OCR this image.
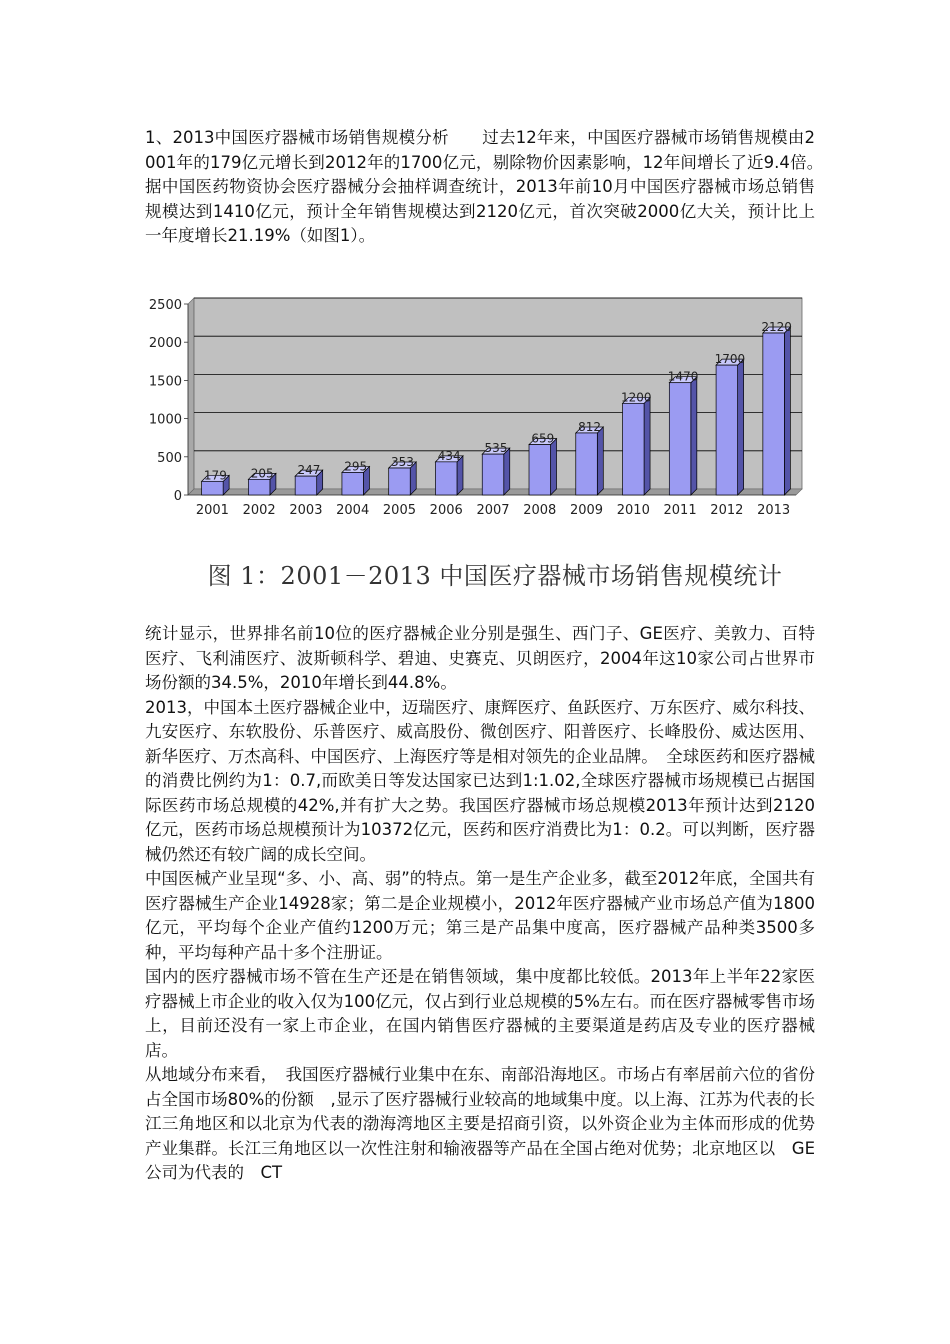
1、2013中国医疗器械市场销售规模分析　　过去12年来，中国医疗器械市场销售规模由2001年的179亿元增长到2012年的1700亿元，剔除物价因素影响，12年间增长了近9.4倍。　据中国医药物资协会医疗器械分会抽样调查统计，2013年前10月中国医疗器械市场总销售规模达到1410亿元，预计全年销售规模达到2120亿元，首次突破2000亿大关，预计比上一年度增长21.19%（如图1）。

0
500
1000
1500
2000
2500
179
2001
205
2002
247
2003
295
2004
353
2005
434
2006
535
2007
659
2008
812
2009
1200
2010
1470
2011
1700
2012
2120
2013
图 1：2001－2013 中国医疗器械市场销售规模统计

统计显示，世界排名前10位的医疗器械企业分别是强生、西门子、GE医疗、美敦力、百特医疗、飞利浦医疗、波斯顿科学、碧迪、史赛克、贝朗医疗，2004年这10家公司占世界市场份额的34.5%，2010年增长到44.8%。

2013，中国本土医疗器械企业中，迈瑞医疗、康辉医疗、鱼跃医疗、万东医疗、威尔科技、九安医疗、东软股份、乐普医疗、威高股份、微创医疗、阳普医疗、长峰股份、威达医用、新华医疗、万杰高科、中国医疗、上海医疗等是相对领先的企业品牌。　全球医药和医疗器械的消费比例约为1：0.7,而欧美日等发达国家已达到1:1.02,全球医疗器械市场规模已占据国际医药市场总规模的42%,并有扩大之势。我国医疗器械市场总规模2013年预计达到2120亿元，医药市场总规模预计为10372亿元，医药和医疗消费比为1：0.2。可以判断，医疗器械仍然还有较广阔的成长空间。

中国医械产业呈现“多、小、高、弱”的特点。第一是生产企业多，截至2012年底，全国共有医疗器械生产企业14928家；第二是企业规模小，2012年医疗器械产业市场总产值为1800亿元，平均每个企业产值约1200万元；第三是产品集中度高，医疗器械产品种类3500多种，平均每种产品十多个注册证。

国内的医疗器械市场不管在生产还是在销售领域，集中度都比较低。2013年上半年22家医疗器械上市企业的收入仅为100亿元，仅占到行业总规模的5%左右。而在医疗器械零售市场上，目前还没有一家上市企业，在国内销售医疗器械的主要渠道是药店及专业的医疗器械店。

从地域分布来看，　我国医疗器械行业集中在东、南部沿海地区。市场占有率居前六位的省份占全国市场80%的份额　,显示了医疗器械行业较高的地域集中度。以上海、江苏为代表的长江三角地区和以北京为代表的渤海湾地区主要是招商引资，以外资企业为主体而形成的优势产业集群。长江三角地区以一次性注射和输液器等产品在全国占绝对优势；北京地区以　GE公司为代表的　CT
